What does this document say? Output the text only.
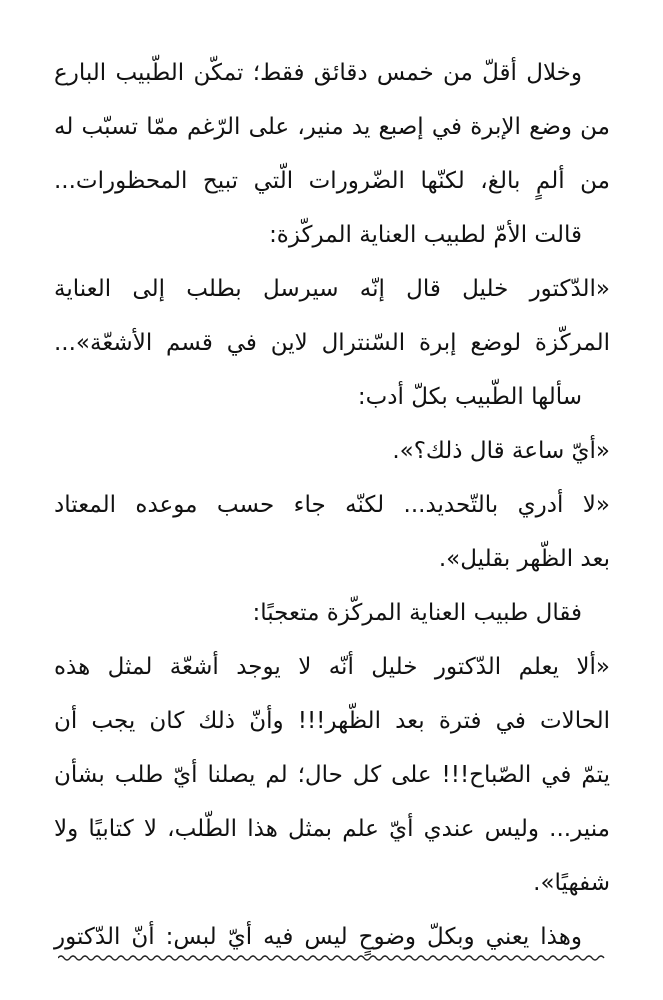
وخلال أقلّ من خمس دقائق فقط؛ تمكّن الطّبيب البارع
من وضع الإبرة في إصبع يد منير، على الرّغم ممّا تسبّب له
من ألمٍ بالغ، لكنّها الضّرورات الّتي تبيح المحظورات...
قالت الأمّ لطبيب العناية المركّزة:
«الدّكتور خليل قال إنّه سيرسل بطلب إلى العناية
المركّزة لوضع إبرة السّنترال لاين في قسم الأشعّة»...
سألها الطّبيب بكلّ أدب:
«أيّ ساعة قال ذلك؟».
«لا أدري بالتّحديد... لكنّه جاء حسب موعده المعتاد
بعد الظّهر بقليل».
فقال طبيب العناية المركّزة متعجبًا:
«ألا يعلم الدّكتور خليل أنّه لا يوجد أشعّة لمثل هذه
الحالات في فترة بعد الظّهر!!! وأنّ ذلك كان يجب أن
يتمّ في الصّباح!!! على كل حال؛ لم يصلنا أيّ طلب بشأن
منير... وليس عندي أيّ علم بمثل هذا الطّلب، لا كتابيًا ولا
شفهيًا».
وهذا يعني وبكلّ وضوحٍ ليس فيه أيّ لبس: أنّ الدّكتور
